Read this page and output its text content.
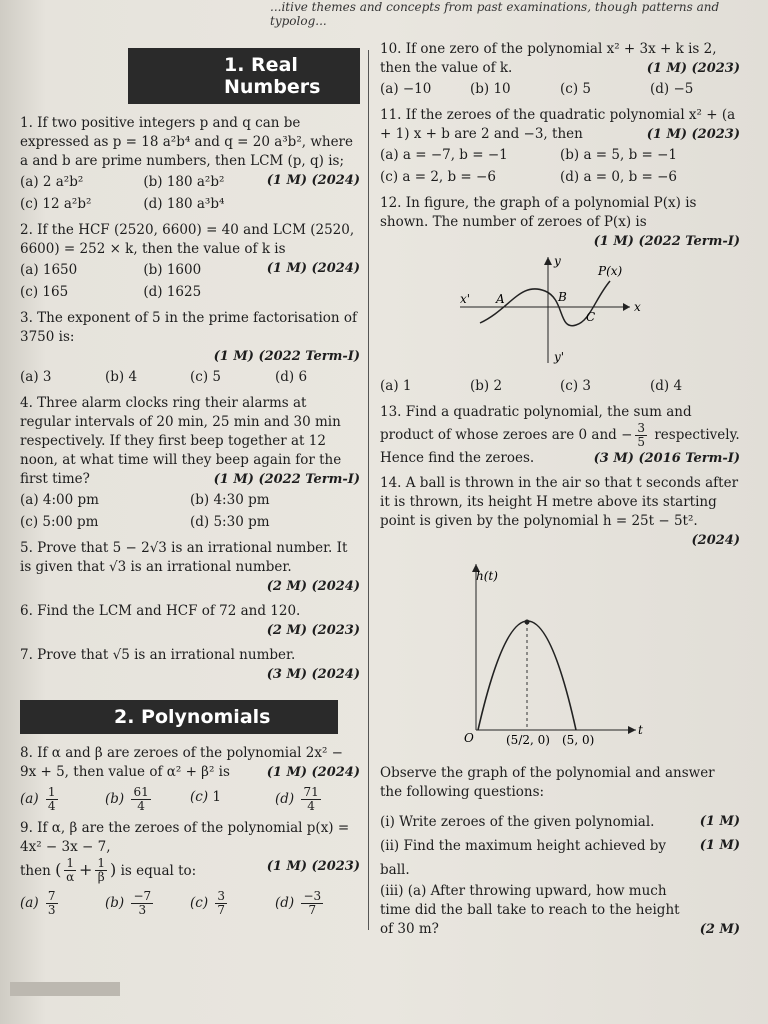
...itive themes and concepts from past examinations, though patterns and typolog...
1. Real Numbers
1. If two positive integers p and q can be expressed as p = 18 a²b⁴ and q = 20 a³b², where a and b are prime numbers, then LCM (p, q) is;
(1 M) (2024)
(a) 2 a²b²	(b) 180 a²b²
(c) 12 a²b²	(d) 180 a³b⁴
2. If the HCF (2520, 6600) = 40 and LCM (2520, 6600) = 252 × k, then the value of k is
(1 M) (2024)
(a) 1650	(b) 1600
(c) 165	(d) 1625
3. The exponent of 5 in the prime factorisation of 3750 is:

(1 M) (2022 Term-I)
(a) 3	(b) 4	(c) 5	(d) 6
4. Three alarm clocks ring their alarms at regular intervals of 20 min, 25 min and 30 min respectively. If they first beep together at 12 noon, at what time will they beep again for the first time?	(1 M) (2022 Term-I)
(a) 4:00 pm	(b) 4:30 pm
(c) 5:00 pm	(d) 5:30 pm
5. Prove that 5 − 2√3 is an irrational number. It is given that √3 is an irrational number.
(2 M) (2024)
6. Find the LCM and HCF of 72 and 120.
(2 M) (2023)
7. Prove that √5 is an irrational number.
(3 M) (2024)
2. Polynomials
8. If α and β are zeroes of the polynomial 2x² − 9x + 5, then value of α² + β² is	(1 M) (2024)
$(a) \frac{1}{4}$	$(b) \frac{61}{4}$	(c) 1	$(d) \frac{71}{4}$
9. If α, β are the zeroes of the polynomial p(x) = 4x² − 3x − 7,
then ( $\frac{1}{\alpha} + \frac{1}{\beta}$ ) is equal to:	(1 M) (2023)
$(a) \frac{7}{3}$	$(b) \frac{-7}{3}$	$(c) \frac{3}{7}$	$(d) \frac{-3}{7}$
10. If one zero of the polynomial x² + 3x + k is 2, then the value of k.	(1 M) (2023)
(a) −10	(b) 10	(c) 5	(d) −5
11. If the zeroes of the quadratic polynomial x² + (a + 1) x + b are 2 and −3, then	(1 M) (2023)
(a) a = −7, b = −1	(b) a = 5, b = −1
(c) a = 2, b = −6	(d) a = 0, b = −6
12. In figure, the graph of a polynomial P(x) is shown. The number of zeroes of P(x) is
(1 M) (2022 Term-I)
y
y'
x
x'
P(x)
A	B
C
(a) 1	(b) 2	(c) 3	(d) 4
13. Find a quadratic polynomial, the sum and product of whose zeroes are 0 and − $\frac{3}{5}$ respectively. Hence find the zeroes.	(3 M) (2016 Term-I)
14. A ball is thrown in the air so that t seconds after it is thrown, its height H metre above its starting point is given by the polynomial h = 25t − 5t².
(2024)
h(t)
t
O	(5/2, 0) (5, 0)
Observe the graph of the polynomial and answer the following questions:
(i) Write zeroes of the given polynomial.	(1 M)
(ii) Find the maximum height achieved by ball.
(1 M)
(iii) (a) After throwing upward, how much time did the ball take to reach to the height of 30 m?	(2 M)
